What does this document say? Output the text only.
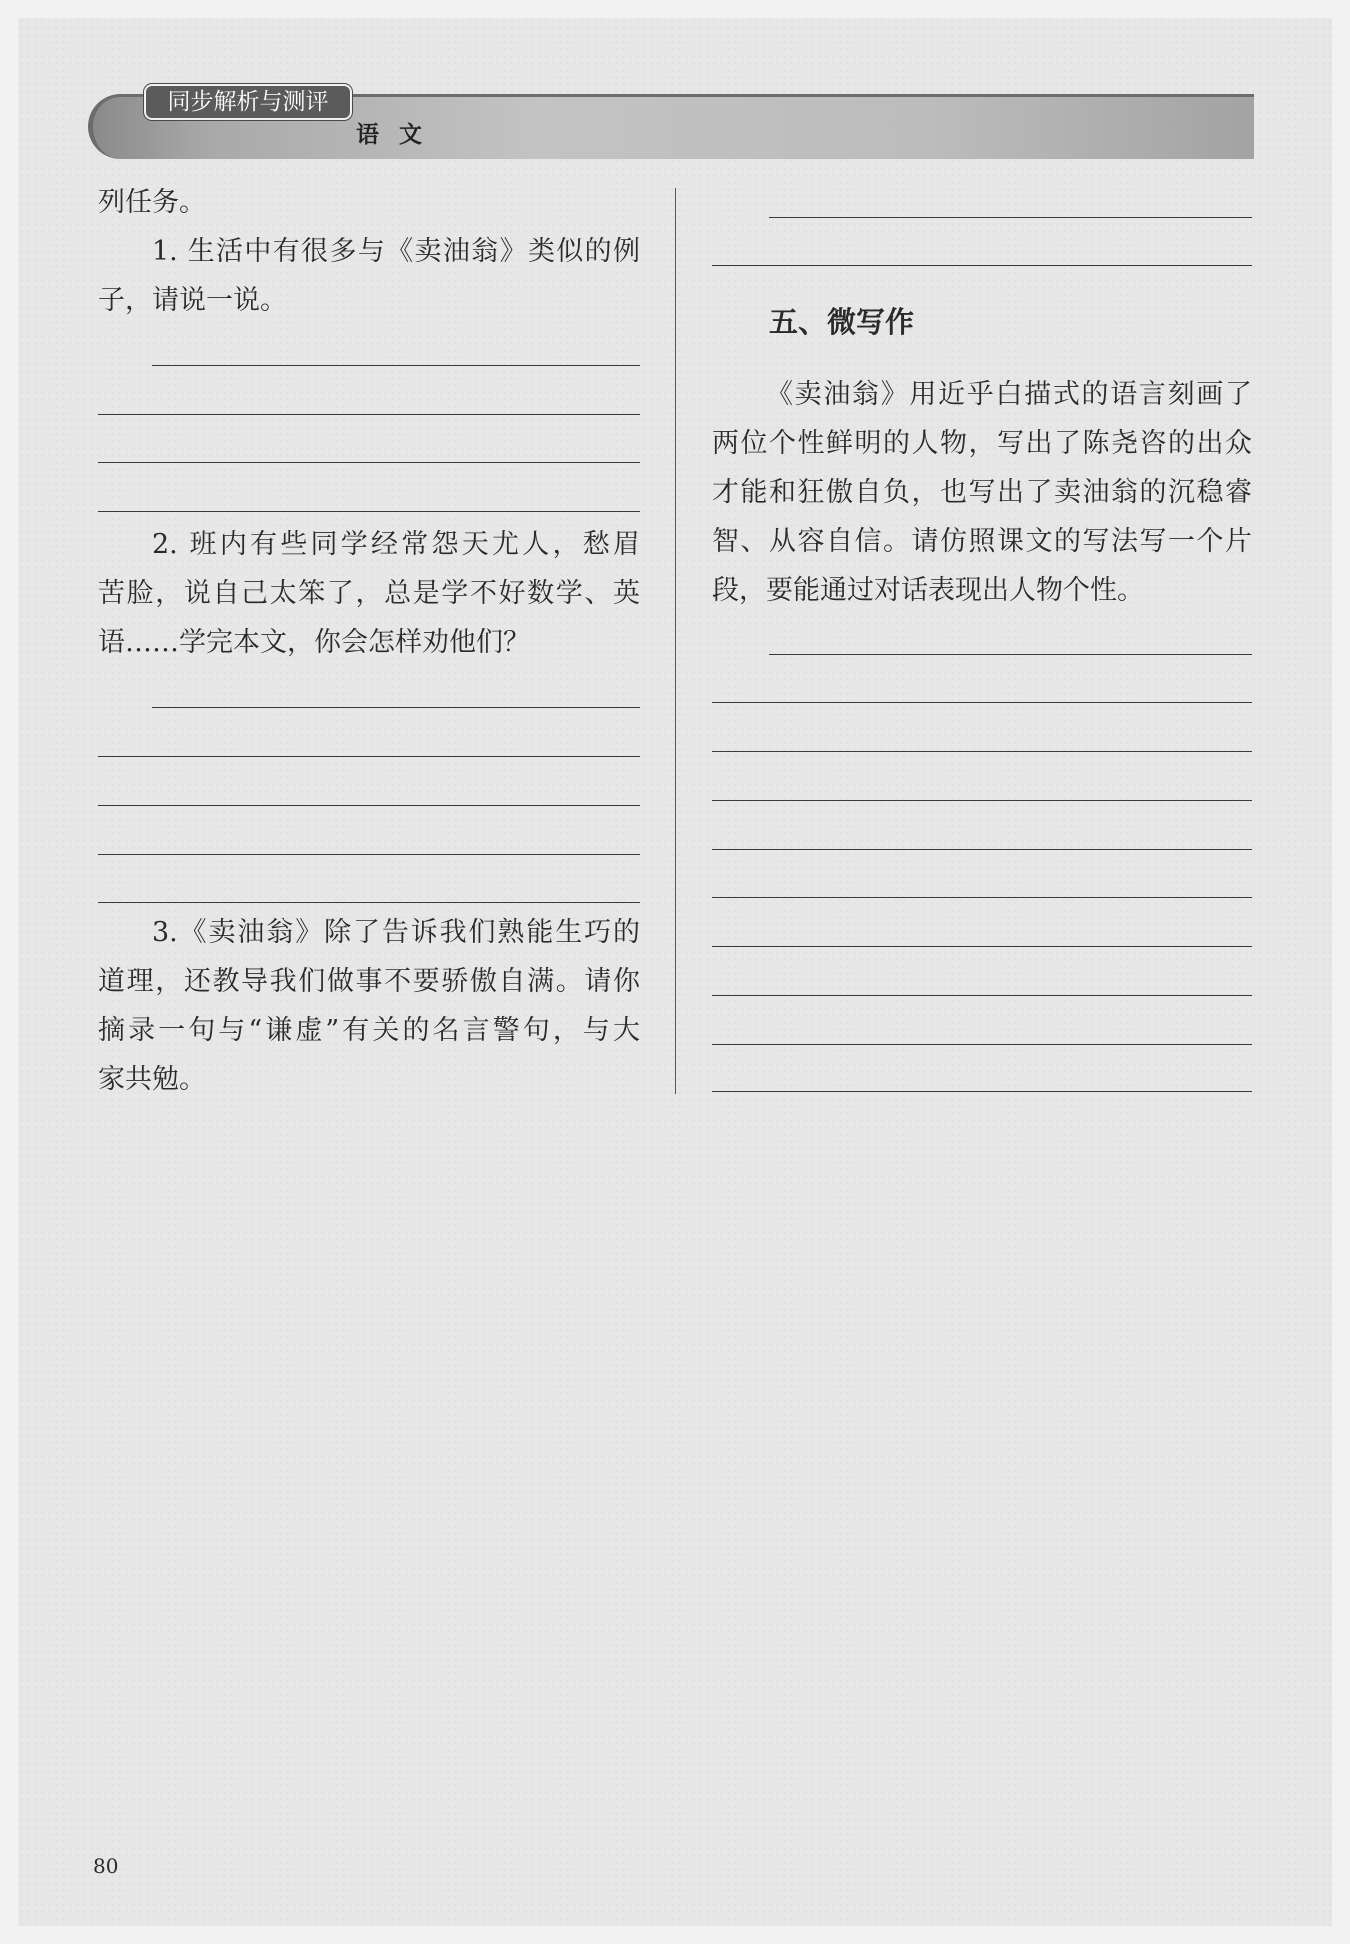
同步解析与测评
语 文
列任务。
1. 生活中有很多与《卖油翁》类似的例
子，请说一说。
2. 班内有些同学经常怨天尤人，愁眉
苦脸，说自己太笨了，总是学不好数学、英
语……学完本文，你会怎样劝他们？
3.《卖油翁》除了告诉我们熟能生巧的
道理，还教导我们做事不要骄傲自满。请你
摘录一句与“谦虚”有关的名言警句，与大
家共勉。
五、微写作
《卖油翁》用近乎白描式的语言刻画了
两位个性鲜明的人物，写出了陈尧咨的出众
才能和狂傲自负，也写出了卖油翁的沉稳睿
智、从容自信。请仿照课文的写法写一个片
段，要能通过对话表现出人物个性。
80
